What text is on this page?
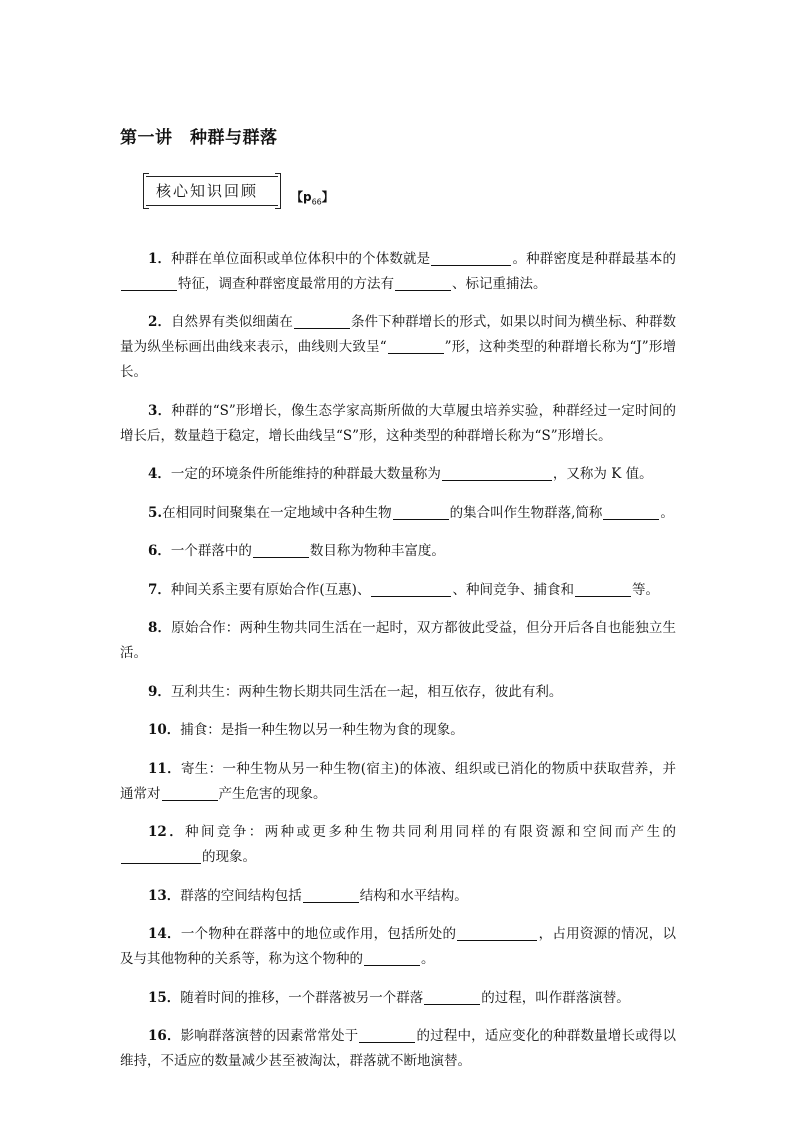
第一讲　种群与群落
核心知识回顾	【$p_{66}$】

1．种群在单位面积或单位体积中的个体数就是	。种群密度是种群最基本的特征，调查种群密度最常用的方法有	、标记重捕法。

2．自然界有类似细菌在	条件下种群增长的形式，如果以时间为横坐标、种群数量为纵坐标画出曲线来表示，曲线则大致呈“	”形，这种类型的种群增长称为“J”形增长。

3．种群的“S”形增长，像生态学家高斯所做的大草履虫培养实验，种群经过一定时间的增长后，数量趋于稳定，增长曲线呈“S”形，这种类型的种群增长称为“S”形增长。

4．一定的环境条件所能维持的种群最大数量称为	，又称为 K 值。

5.在相同时间聚集在一定地域中各种生物	的集合叫作生物群落,简称	。

6．一个群落中的	数目称为物种丰富度。

7．种间关系主要有原始合作(互惠)、	、种间竞争、捕食和	等。

8．原始合作：两种生物共同生活在一起时，双方都彼此受益，但分开后各自也能独立生活。

9．互利共生：两种生物长期共同生活在一起，相互依存，彼此有利。

10．捕食：是指一种生物以另一种生物为食的现象。

11．寄生：一种生物从另一种生物(宿主)的体液、组织或已消化的物质中获取营养，并通常对	产生危害的现象。

12．种间竞争：两种或更多种生物共同利用同样的有限资源和空间而产生的的现象。

13．群落的空间结构包括	结构和水平结构。

14．一个物种在群落中的地位或作用，包括所处的	，占用资源的情况，以及与其他物种的关系等，称为这个物种的	。

15．随着时间的推移，一个群落被另一个群落	的过程，叫作群落演替。

16．影响群落演替的因素常常处于	的过程中，适应变化的种群数量增长或得以维持，不适应的数量减少甚至被淘汰，群落就不断地演替。
